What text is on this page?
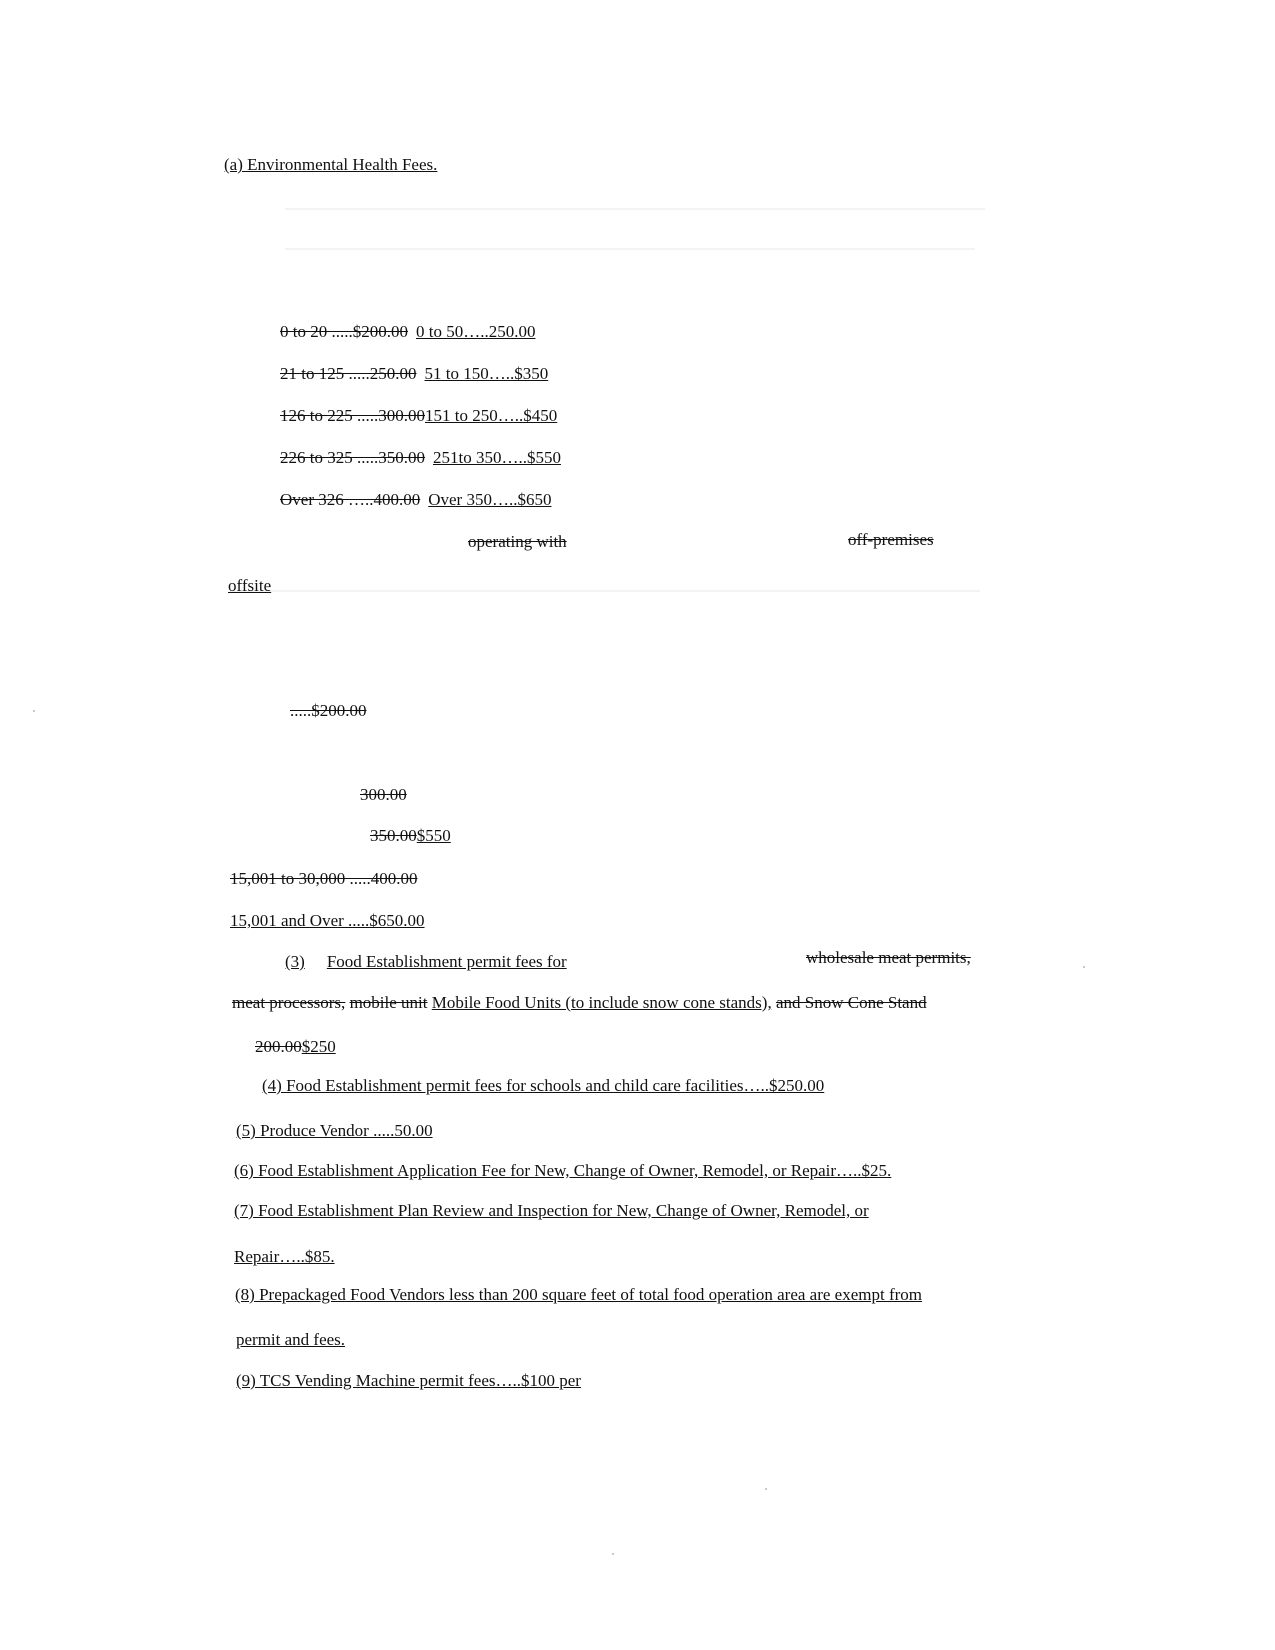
(a) Environmental Health Fees.
0 to 20 .....$200.00 0 to 50…..250.00
21 to 125 .....250.00 51 to 150…..$350
126 to 225 .....300.00151 to 250…..$450
226 to 325 .....350.00 251to 350…..$550
Over 326 …..400.00 Over 350…..$650
operating with	off-premises
offsite
.....$200.00
300.00
350.00$550
15,001 to 30,000 .....400.00
15,001 and Over .....$650.00
(3) Food Establishment permit fees for	wholesale meat permits,
meat processors, mobile unit Mobile Food Units (to include snow cone stands), and Snow Cone Stand
200.00$250
(4) Food Establishment permit fees for schools and child care facilities…..$250.00
(5) Produce Vendor .....50.00
(6) Food Establishment Application Fee for New, Change of Owner, Remodel, or Repair…..$25.
(7) Food Establishment Plan Review and Inspection for New, Change of Owner, Remodel, or
Repair…..$85.
(8) Prepackaged Food Vendors less than 200 square feet of total food operation area are exempt from
permit and fees.
(9) TCS Vending Machine permit fees…..$100 per
